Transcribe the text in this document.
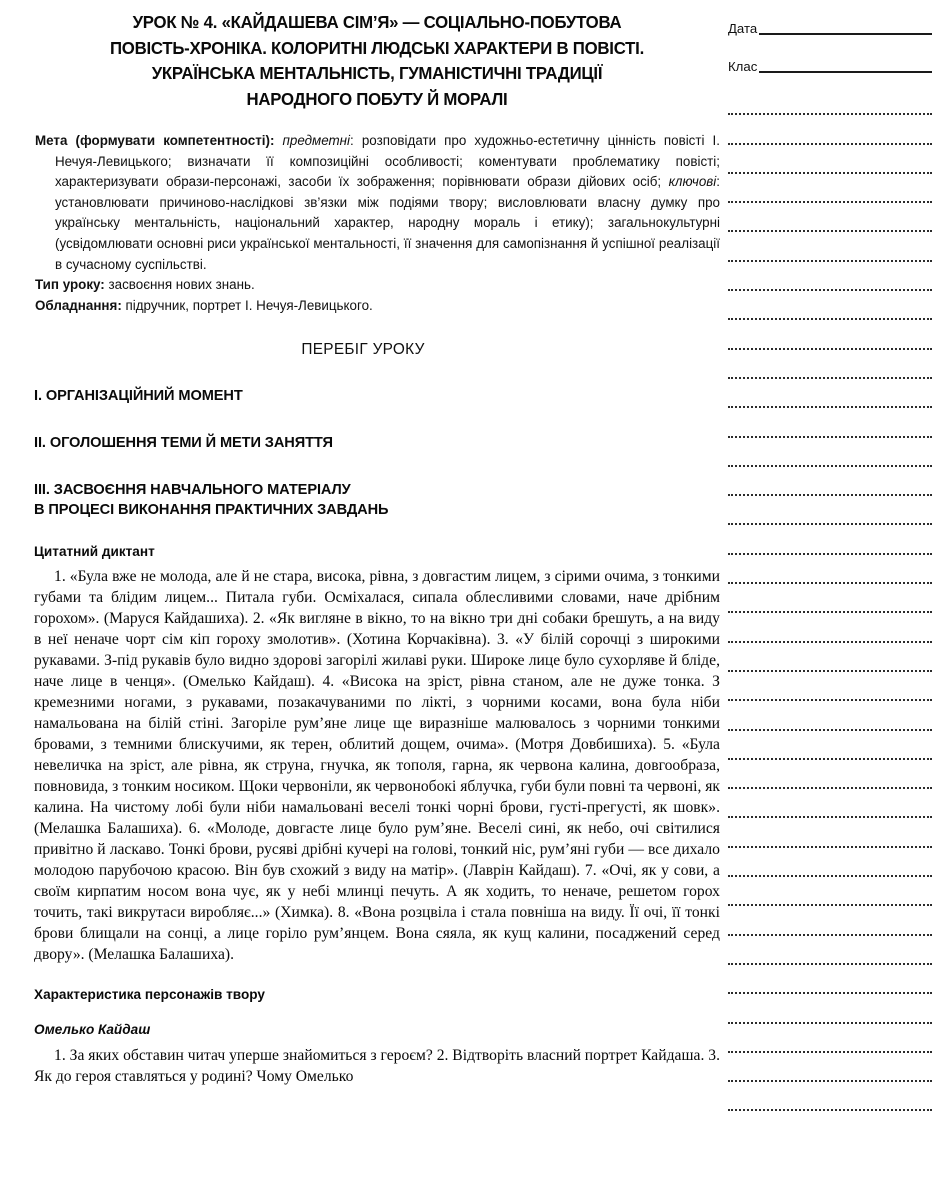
УРОК № 4. «КАЙДАШЕВА СІМ’Я» — СОЦІАЛЬНО-ПОБУТОВА
ПОВІСТЬ-ХРОНІКА. КОЛОРИТНІ ЛЮДСЬКІ ХАРАКТЕРИ В ПОВІСТІ.
УКРАЇНСЬКА МЕНТАЛЬНІСТЬ, ГУМАНІСТИЧНІ ТРАДИЦІЇ
НАРОДНОГО ПОБУТУ Й МОРАЛІ

Мета (формувати компетентності): предметні: розповідати про художньо-естетичну цінність повісті І. Нечуя-Левицького; визначати її композиційні особливості; коментувати проблематику повісті; характеризувати образи-персонажі, засоби їх зображення; порівнювати образи дійових осіб; ключові: установлювати причиново-наслідкові зв’язки між подіями твору; висловлювати власну думку про українську ментальність, національний характер, народну мораль і етику); загальнокультурні (усвідомлювати основні риси української ментальності, її значення для самопізнання й успішної реалізації в сучасному суспільстві.

Тип уроку: засвоєння нових знань.

Обладнання: підручник, портрет І. Нечуя-Левицького.

ПЕРЕБІГ УРОКУ
I. ОРГАНІЗАЦІЙНИЙ МОМЕНТ
II. ОГОЛОШЕННЯ ТЕМИ Й МЕТИ ЗАНЯТТЯ
III. ЗАСВОЄННЯ НАВЧАЛЬНОГО МАТЕРІАЛУ
В ПРОЦЕСІ ВИКОНАННЯ ПРАКТИЧНИХ ЗАВДАНЬ
Цитатний диктант

1. «Була вже не молода, але й не стара, висока, рівна, з довгастим лицем, з сірими очима, з тонкими губами та блідим лицем... Питала губи. Осміхалася, сипала облесливими словами, наче дрібним горохом». (Маруся Кайдашиха). 2. «Як вигляне в вікно, то на вікно три дні собаки брешуть, а на виду в неї неначе чорт сім кіп гороху змолотив». (Хотина Корчаківна). 3. «У білій сорочці з широкими рукавами. З-під рукавів було видно здорові загорілі жилаві руки. Широке лице було сухорляве й бліде, наче лице в ченця». (Омелько Кайдаш). 4. «Висока на зріст, рівна станом, але не дуже тонка. З кремезними ногами, з рукавами, позакачуваними по лікті, з чорними косами, вона була ніби намальована на білій стіні. Загоріле рум’яне лице ще виразніше малювалось з чорними тонкими бровами, з темними блискучими, як терен, облитий дощем, очима». (Мотря Довбишиха). 5. «Була невеличка на зріст, але рівна, як струна, гнучка, як тополя, гарна, як червона калина, довгообраза, повновида, з тонким носиком. Щоки червоніли, як червонобокі яблучка, губи були повні та червоні, як калина. На чистому лобі були ніби намальовані веселі тонкі чорні брови, густі-прегусті, як шовк». (Мелашка Балашиха). 6. «Молоде, довгасте лице було рум’яне. Веселі сині, як небо, очі світилися привітно й ласкаво. Тонкі брови, русяві дрібні кучері на голові, тонкий ніс, рум’яні губи — все дихало молодою парубочою красою. Він був схожий з виду на матір». (Лаврін Кайдаш). 7. «Очі, як у сови, а своїм кирпатим носом вона чує, як у небі млинці печуть. А як ходить, то неначе, решетом горох точить, такі викрутаси виробляє...» (Химка). 8. «Вона розцвіла і стала повніша на виду. Її очі, її тонкі брови блищали на сонці, а лице горіло рум’янцем. Вона сяяла, як кущ калини, посаджений серед двору». (Мелашка Балашиха).

Характеристика персонажів твору
Омелько Кайдаш

1. За яких обставин читач уперше знайомиться з героєм? 2. Відтворіть власний портрет Кайдаша. 3. Як до героя ставляться у родині? Чому Омелько

Дата
Клас
